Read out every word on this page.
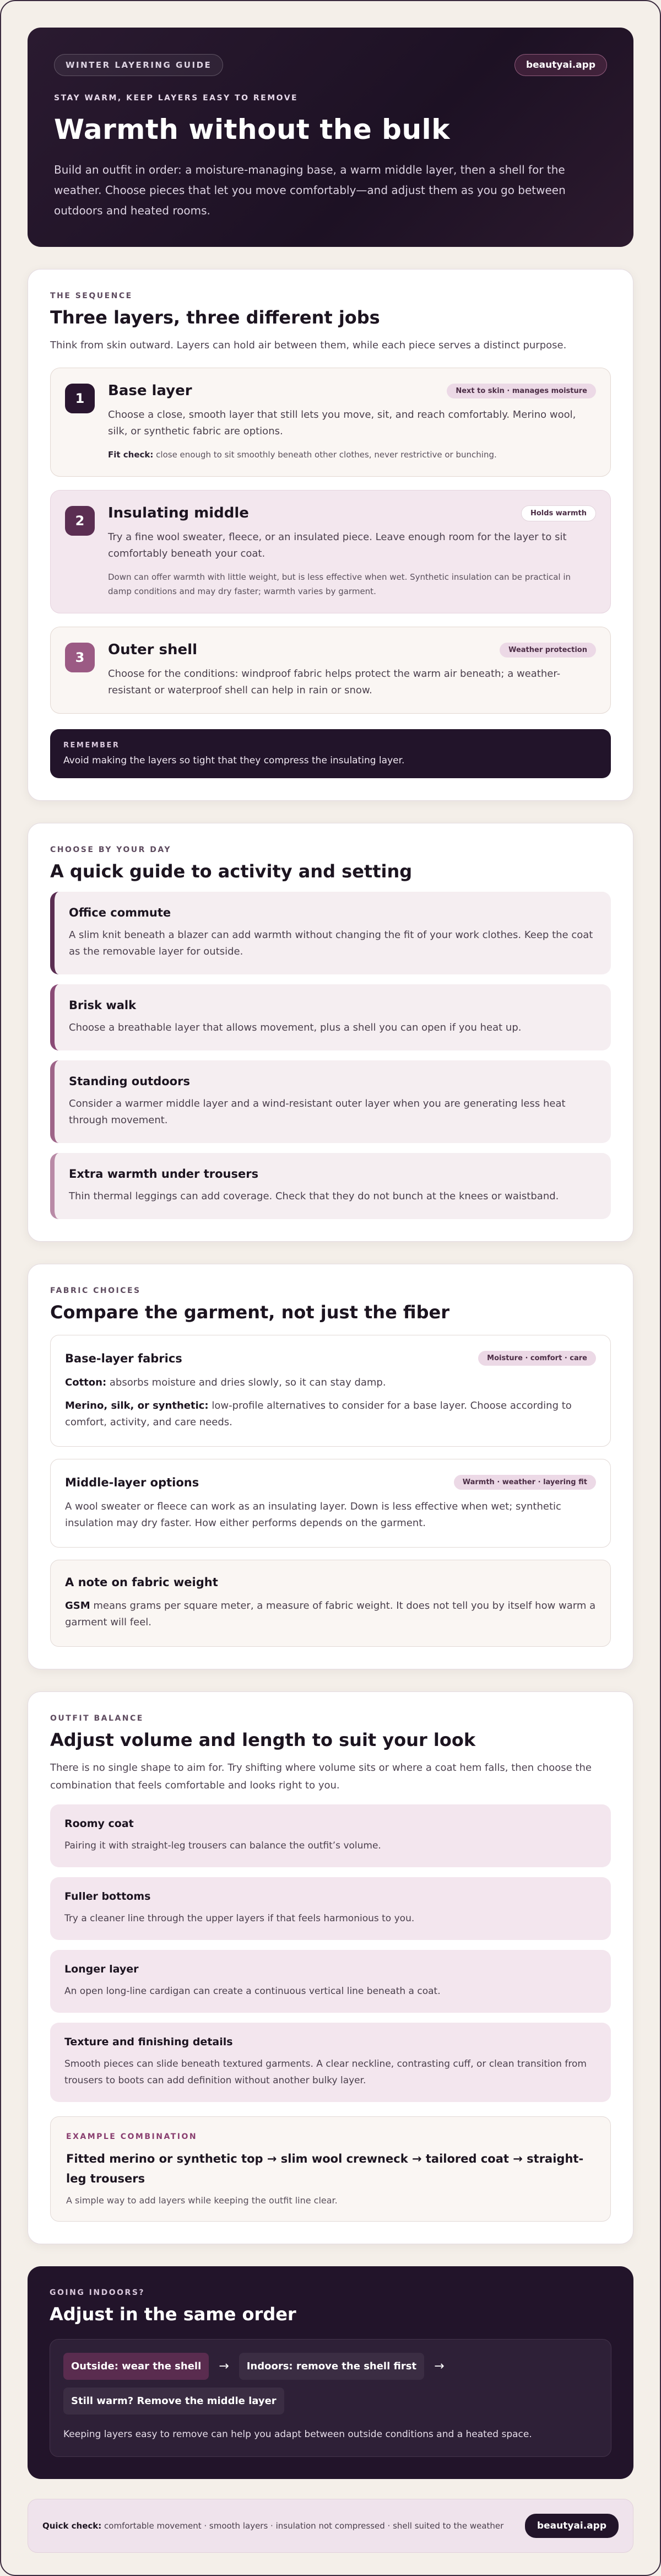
WINTER LAYERING GUIDE	beautyai.app
STAY WARM, KEEP LAYERS EASY TO REMOVE
Warmth without the bulk

Build an outfit in order: a moisture-managing base, a warm middle layer, then a shell for the weather. Choose pieces that let you move comfortably—and adjust them as you go between outdoors and heated rooms.

THE SEQUENCE
Three layers, three different jobs

Think from skin outward. Layers can hold air between them, while each piece serves a distinct purpose.

1	Base layer	Next to skin · manages moisture

Choose a close, smooth layer that still lets you move, sit, and reach comfortably. Merino wool, silk, or synthetic fabric are options.

Fit check: close enough to sit smoothly beneath other clothes, never restrictive or bunching.

2	Insulating middle	Holds warmth

Try a fine wool sweater, fleece, or an insulated piece. Leave enough room for the layer to sit comfortably beneath your coat.

Down can offer warmth with little weight, but is less effective when wet. Synthetic insulation can be practical in damp conditions and may dry faster; warmth varies by garment.

3	Outer shell	Weather protection

Choose for the conditions: windproof fabric helps protect the warm air beneath; a weather-resistant or waterproof shell can help in rain or snow.

REMEMBER

Avoid making the layers so tight that they compress the insulating layer.

CHOOSE BY YOUR DAY
A quick guide to activity and setting
Office commute

A slim knit beneath a blazer can add warmth without changing the fit of your work clothes. Keep the coat as the removable layer for outside.

Brisk walk

Choose a breathable layer that allows movement, plus a shell you can open if you heat up.

Standing outdoors

Consider a warmer middle layer and a wind-resistant outer layer when you are generating less heat through movement.

Extra warmth under trousers

Thin thermal leggings can add coverage. Check that they do not bunch at the knees or waistband.

FABRIC CHOICES
Compare the garment, not just the fiber
Base-layer fabrics	Moisture · comfort · care

Cotton: absorbs moisture and dries slowly, so it can stay damp.

Merino, silk, or synthetic: low-profile alternatives to consider for a base layer. Choose according to comfort, activity, and care needs.

Middle-layer options	Warmth · weather · layering fit

A wool sweater or fleece can work as an insulating layer. Down is less effective when wet; synthetic insulation may dry faster. How either performs depends on the garment.

A note on fabric weight

GSM means grams per square meter, a measure of fabric weight. It does not tell you by itself how warm a garment will feel.

OUTFIT BALANCE
Adjust volume and length to suit your look

There is no single shape to aim for. Try shifting where volume sits or where a coat hem falls, then choose the combination that feels comfortable and looks right to you.

Roomy coat

Pairing it with straight-leg trousers can balance the outfit’s volume.

Fuller bottoms

Try a cleaner line through the upper layers if that feels harmonious to you.

Longer layer

An open long-line cardigan can create a continuous vertical line beneath a coat.

Texture and finishing details

Smooth pieces can slide beneath textured garments. A clear neckline, contrasting cuff, or clean transition from trousers to boots can add definition without another bulky layer.

EXAMPLE COMBINATION
Fitted merino or synthetic top → slim wool crewneck → tailored coat → straight-leg trousers

A simple way to add layers while keeping the outfit line clear.

GOING INDOORS?
Adjust in the same order
Outside: wear the shell	→	Indoors: remove the shell first	→
Still warm? Remove the middle layer

Keeping layers easy to remove can help you adapt between outside conditions and a heated space.

Quick check: comfortable movement · smooth layers · insulation not compressed · shell suited to the weather	beautyai.app
